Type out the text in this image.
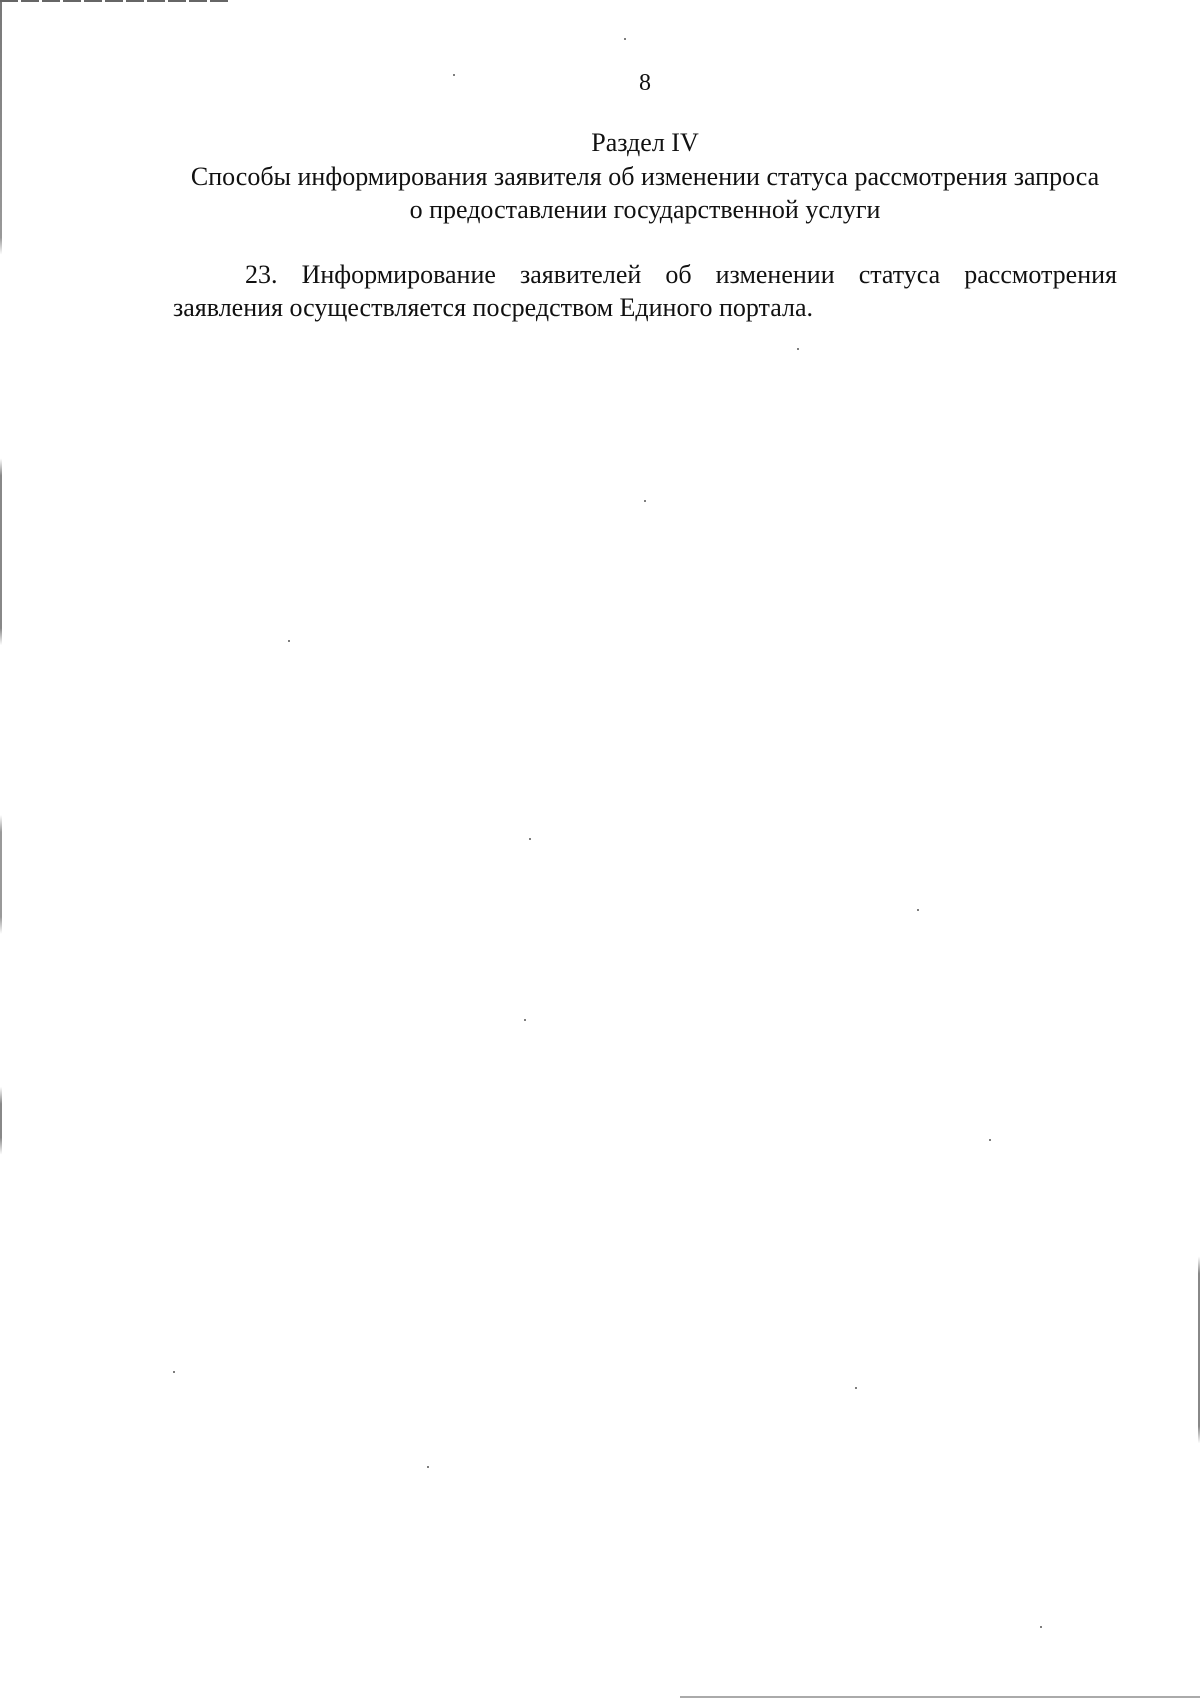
8
Раздел IV
Способы информирования заявителя об изменении статуса рассмотрения запроса о предоставлении государственной услуги
23. Информирование заявителей об изменении статуса рассмотрения заявления осуществляется посредством Единого портала.
